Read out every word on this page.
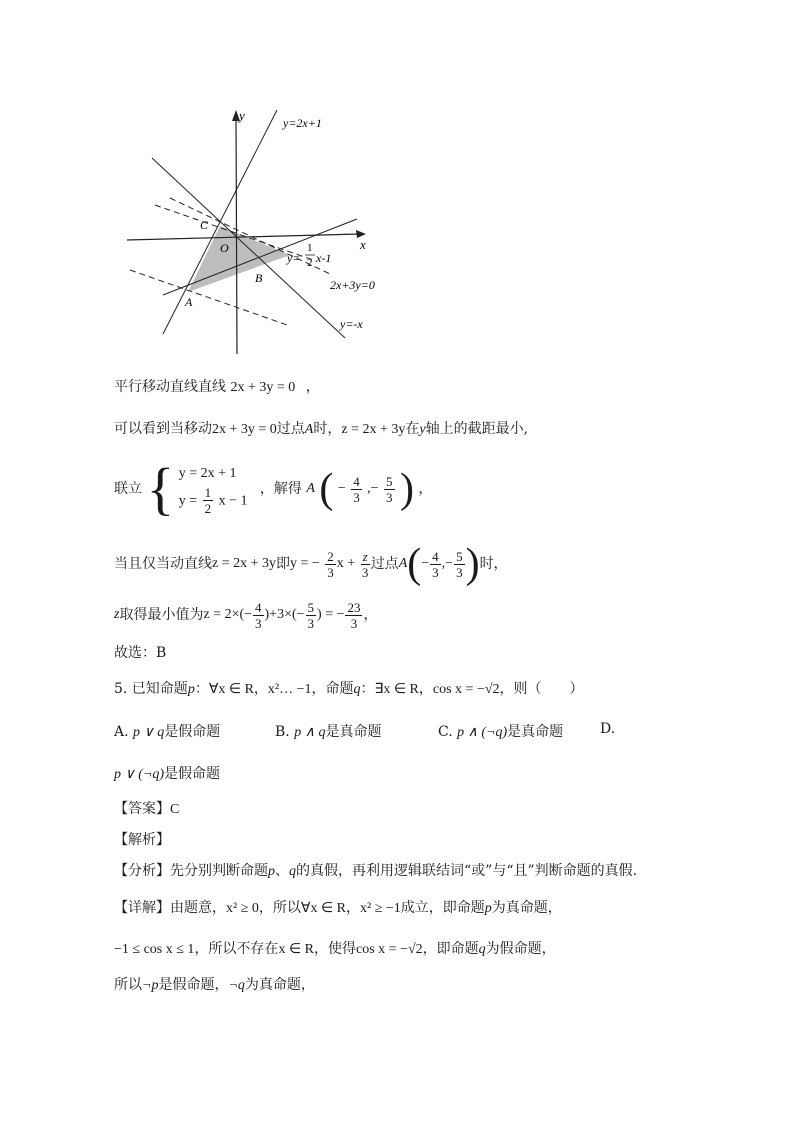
y
x
O
C
B
A
y=2x+1
y=
1
2 x-1
2x+3y=0
y=-x
平行移动直线直线 2x + 3y = 0 ，
可以看到当移动2x + 3y = 0过点A时，z = 2x + 3y在y轴上的截距最小,
联立 { y = 2x + 1
$y = \frac{1}{2}$ x − 1
，解得 A ( − $\frac{4}{3}$ ,− $\frac{5}{3}$ ) ，
当且仅当动直线z = 2x + 3y即y = − $\frac{2}{3}$ $x + \frac{z}{3}$ 过点$A(- \frac{4}{3}$ ,− $\frac{5}{3}$ )时，
z取得最小值为$z = 2\times(- \frac{4}{3} )+3\times(- \frac{5}{3}$ ) = − $\frac{23}{3}$ ，
故选：B
5. 已知命题p：∀x ∈ R，x²… −1，命题q：∃x ∈ R，cos x = −√2，则（　　）
A. p ∨ q是假命题	B. p ∧ q是真命题	C. p ∧ (¬q)是真命题	D.
p ∨ (¬q)是假命题
【答案】C
【解析】
【分析】先分别判断命题p、q的真假，再利用逻辑联结词“或”与“且”判断命题的真假.
【详解】由题意，x² ≥ 0，所以∀x ∈ R，x² ≥ −1成立，即命题p为真命题，
−1 ≤ cos x ≤ 1，所以不存在x ∈ R，使得cos x = −√2，即命题q为假命题，
所以¬p是假命题，¬q为真命题，
